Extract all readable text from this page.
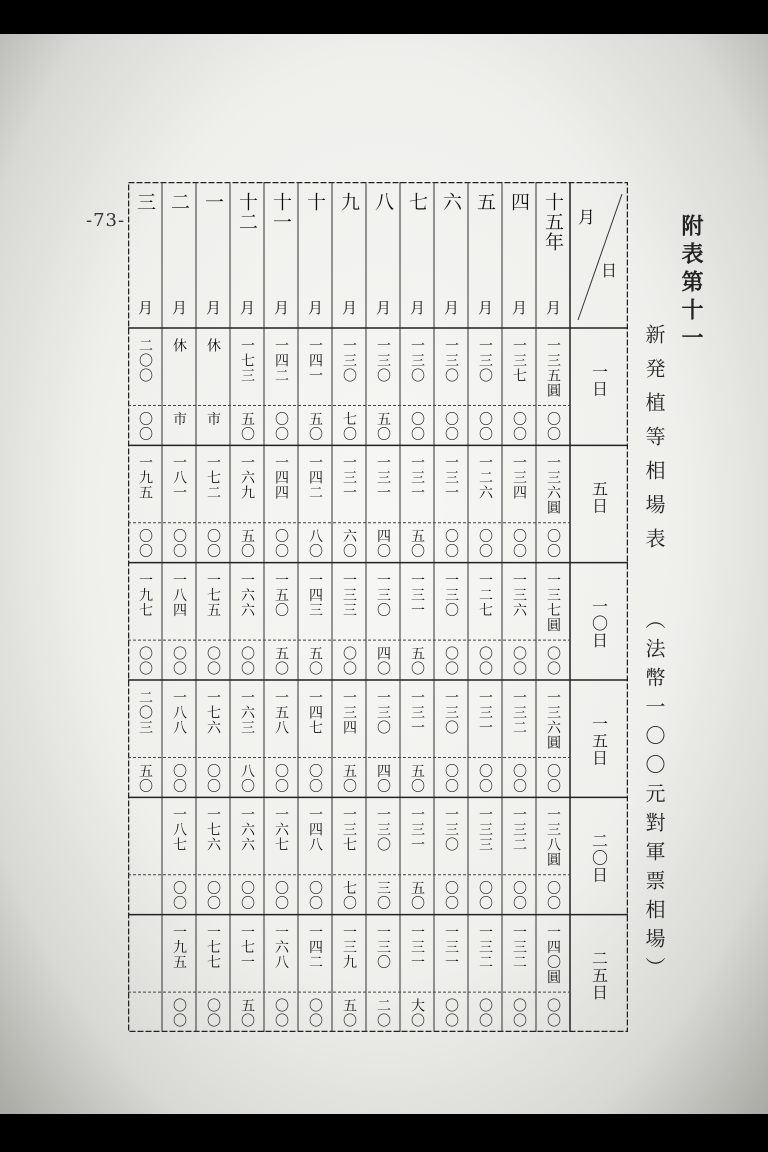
附表第十一
新発植等相場表
（法幣一〇〇元對軍票相場）
-73-	月
日
十五年
月
四
月
五
月
六
月
七
月
八
月
九
月
十
月
十一
月
十二
月
一
月
二
月
三
月
一日
一三五圓
一三七
一三〇
一三〇
一三〇
一三〇
一三〇
一四一
一四二
一七三
休
休
二〇〇
〇〇
〇〇
〇〇
〇〇
〇〇
五〇
七〇
五〇
〇〇
五〇
市
市
〇〇
五日
一三六圓
一三四
一二六
一三一
一三一
一三一
一三一
一四二
一四四
一六九
一七二
一八一
一九五
〇〇
〇〇
〇〇
〇〇
五〇
四〇
六〇
八〇
〇〇
五〇
〇〇
〇〇
〇〇
一〇日
一三七圓
一三六
一二七
一三〇
一三一
一三〇
一三三
一四三
一五〇
一六六
一七五
一八四
一九七
〇〇
〇〇
〇〇
〇〇
五〇
四〇
〇〇
五〇
五〇
〇〇
〇〇
〇〇
〇〇
一五日
一三六圓
一三二
一三一
一三〇
一三一
一三〇
一三四
一四七
一五八
一六三
一七六
一八八
二〇三
〇〇
〇〇
〇〇
〇〇
五〇
四〇
五〇
〇〇
〇〇
八〇
〇〇
〇〇
五〇
二〇日
一三八圓
一三二
一三三
一三〇
一三一
一三〇
一三七
一四八
一六七
一六六
一七六
一八七
〇〇
〇〇
〇〇
〇〇
五〇
三〇
七〇
〇〇
〇〇
〇〇
〇〇
〇〇
二五日
一四〇圓
一三二
一三二
一三一
一三一
一三〇
一三九
一四二
一六八
一七一
一七七
一九五
〇〇
〇〇
〇〇
〇〇
大〇
二〇
五〇
〇〇
〇〇
五〇
〇〇
〇〇
